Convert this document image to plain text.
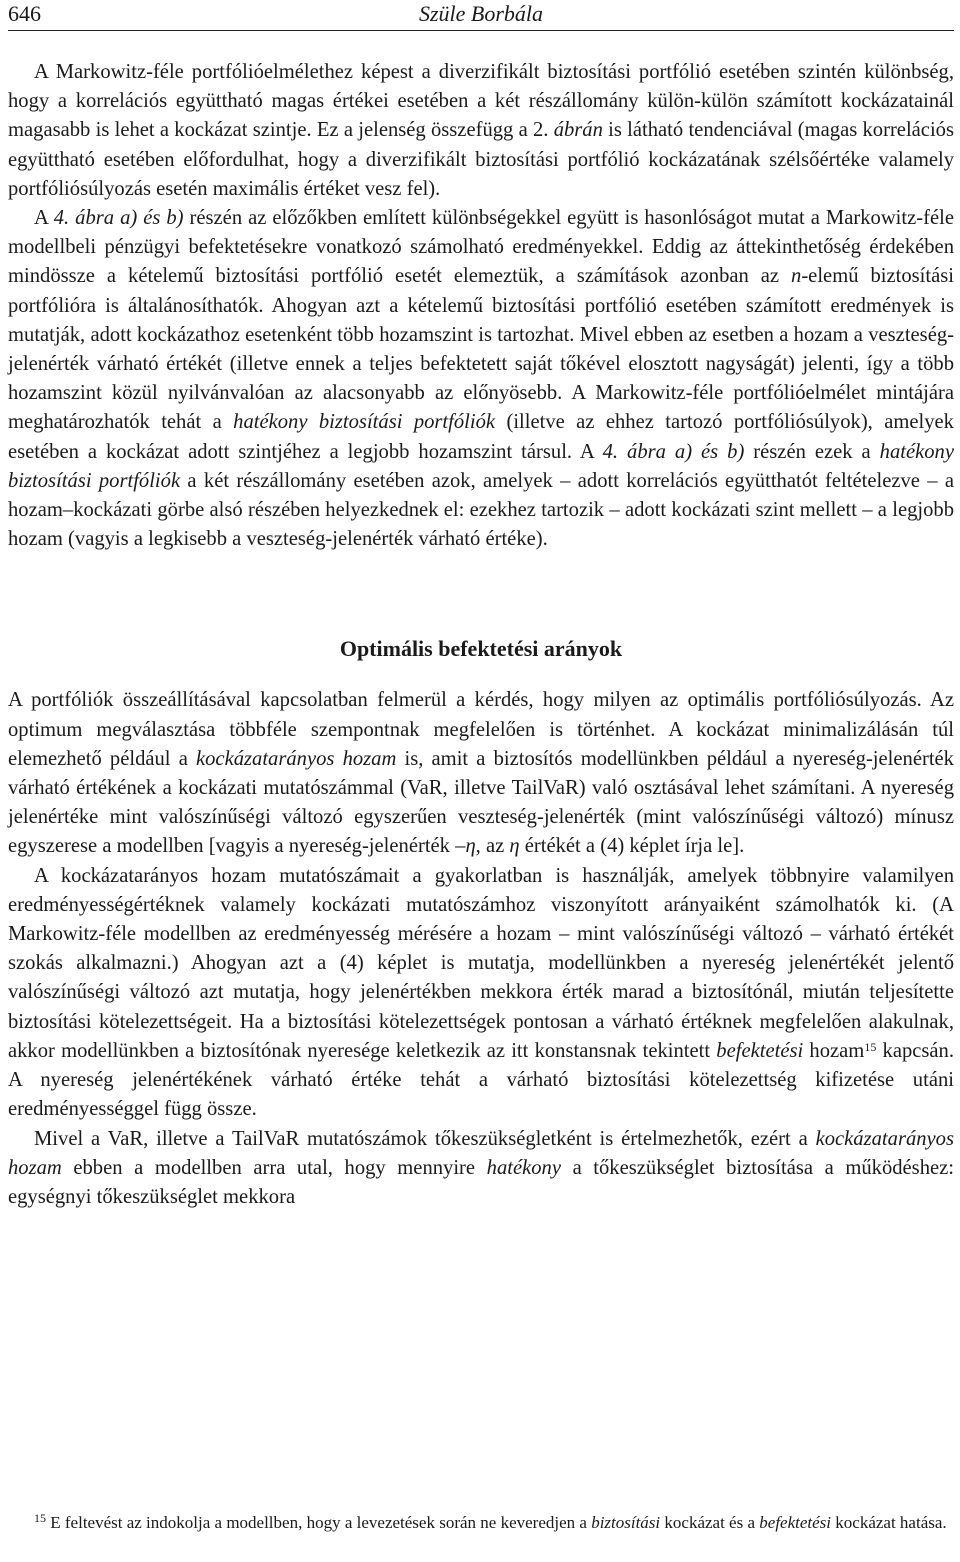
646	Szüle Borbála

A Markowitz-féle portfólióelmélethez képest a diverzifikált biztosítási portfólió esetében szintén különbség, hogy a korrelációs együttható magas értékei esetében a két részállomány külön-külön számított kockázatainál magasabb is lehet a kockázat szintje. Ez a jelenség összefügg a 2. ábrán is látható tendenciával (magas korrelációs együttható esetében előfordulhat, hogy a diverzifikált biztosítási portfólió kockázatának szélsőértéke valamely portfóliósúlyozás esetén maximális értéket vesz fel).

A 4. ábra a) és b) részén az előzőkben említett különbségekkel együtt is hasonlóságot mutat a Markowitz-féle modellbeli pénzügyi befektetésekre vonatkozó számolható eredményekkel. Eddig az áttekinthetőség érdekében mindössze a kételemű biztosítási portfólió esetét elemeztük, a számítások azonban az n-elemű biztosítási portfólióra is általánosíthatók. Ahogyan azt a kételemű biztosítási portfólió esetében számított eredmények is mutatják, adott kockázathoz esetenként több hozamszint is tartozhat. Mivel ebben az esetben a hozam a veszteség-jelenérték várható értékét (illetve ennek a teljes befektetett saját tőkével elosztott nagyságát) jelenti, így a több hozamszint közül nyilvánvalóan az alacsonyabb az előnyösebb. A Markowitz-féle portfólióelmélet mintájára meghatározhatók tehát a hatékony biztosítási portfóliók (illetve az ehhez tartozó portfóliósúlyok), amelyek esetében a kockázat adott szintjéhez a legjobb hozamszint társul. A 4. ábra a) és b) részén ezek a hatékony biztosítási portfóliók a két részállomány esetében azok, amelyek – adott korrelációs együtthatót feltételezve – a hozam–kockázati görbe alsó részében helyezkednek el: ezekhez tartozik – adott kockázati szint mellett – a legjobb hozam (vagyis a legkisebb a veszteség-jelenérték várható értéke).

Optimális befektetési arányok

A portfóliók összeállításával kapcsolatban felmerül a kérdés, hogy milyen az optimális portfóliósúlyozás. Az optimum megválasztása többféle szempontnak megfelelően is történhet. A kockázat minimalizálásán túl elemezhető például a kockázatarányos hozam is, amit a biztosítós modellünkben például a nyereség-jelenérték várható értékének a kockázati mutatószámmal (VaR, illetve TailVaR) való osztásával lehet számítani. A nyereség jelenértéke mint valószínűségi változó egyszerűen veszteség-jelenérték (mint valószínűségi változó) mínusz egyszerese a modellben [vagyis a nyereség-jelenérték –η, az η értékét a (4) képlet írja le].

A kockázatarányos hozam mutatószámait a gyakorlatban is használják, amelyek többnyire valamilyen eredményességértéknek valamely kockázati mutatószámhoz viszonyított arányaiként számolhatók ki. (A Markowitz-féle modellben az eredményesség mérésére a hozam – mint valószínűségi változó – várható értékét szokás alkalmazni.) Ahogyan azt a (4) képlet is mutatja, modellünkben a nyereség jelenértékét jelentő valószínűségi változó azt mutatja, hogy jelenértékben mekkora érték marad a biztosítónál, miután teljesítette biztosítási kötelezettségeit. Ha a biztosítási kötelezettségek pontosan a várható értéknek megfelelően alakulnak, akkor modellünkben a biztosítónak nyeresége keletkezik az itt konstansnak tekintett befektetési hozam$^{15}$ kapcsán. A nyereség jelenértékének várható értéke tehát a várható biztosítási kötelezettség kifizetése utáni eredményességgel függ össze.

Mivel a VaR, illetve a TailVaR mutatószámok tőkeszükségletként is értelmezhetők, ezért a kockázatarányos hozam ebben a modellben arra utal, hogy mennyire hatékony a tőkeszükséglet biztosítása a működéshez: egységnyi tőkeszükséglet mekkora

$^{15}$ E feltevést az indokolja a modellben, hogy a levezetések során ne keveredjen a biztosítási kockázat és a befektetési kockázat hatása.
